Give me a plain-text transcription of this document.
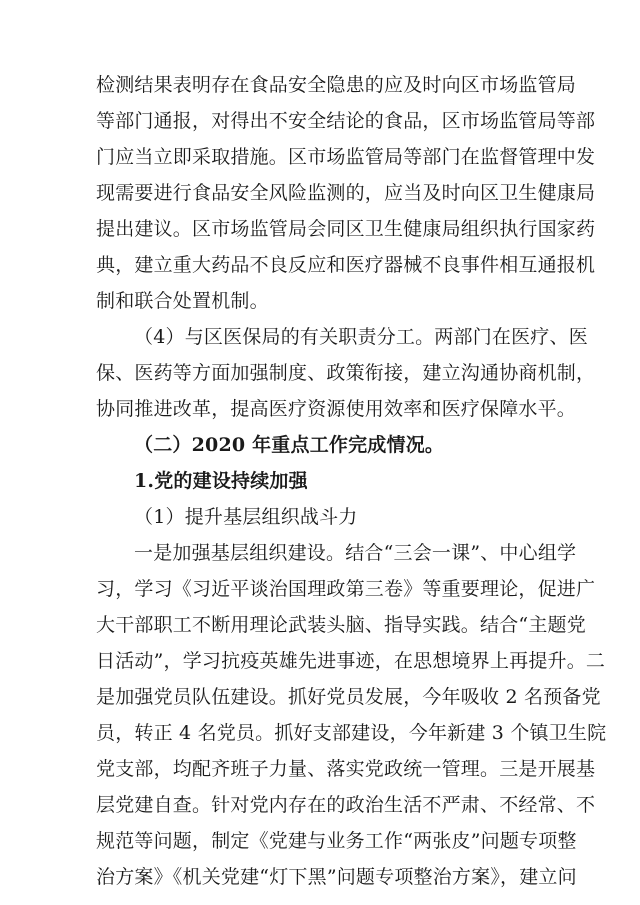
检测结果表明存在食品安全隐患的应及时向区市场监管局
等部门通报，对得出不安全结论的食品，区市场监管局等部
门应当立即采取措施。区市场监管局等部门在监督管理中发
现需要进行食品安全风险监测的，应当及时向区卫生健康局
提出建议。区市场监管局会同区卫生健康局组织执行国家药
典，建立重大药品不良反应和医疗器械不良事件相互通报机
制和联合处置机制。
（4）与区医保局的有关职责分工。两部门在医疗、医
保、医药等方面加强制度、政策衔接，建立沟通协商机制，
协同推进改革，提高医疗资源使用效率和医疗保障水平。
（二）2020 年重点工作完成情况。
1.党的建设持续加强
（1）提升基层组织战斗力
一是加强基层组织建设。结合“三会一课”、中心组学
习，学习《习近平谈治国理政第三卷》等重要理论，促进广
大干部职工不断用理论武装头脑、指导实践。结合“主题党
日活动”，学习抗疫英雄先进事迹，在思想境界上再提升。二
是加强党员队伍建设。抓好党员发展，今年吸收 2 名预备党
员，转正 4 名党员。抓好支部建设，今年新建 3 个镇卫生院
党支部，均配齐班子力量、落实党政统一管理。三是开展基
层党建自查。针对党内存在的政治生活不严肃、不经常、不
规范等问题，制定《党建与业务工作“两张皮”问题专项整
治方案》《机关党建“灯下黑”问题专项整治方案》，建立问
